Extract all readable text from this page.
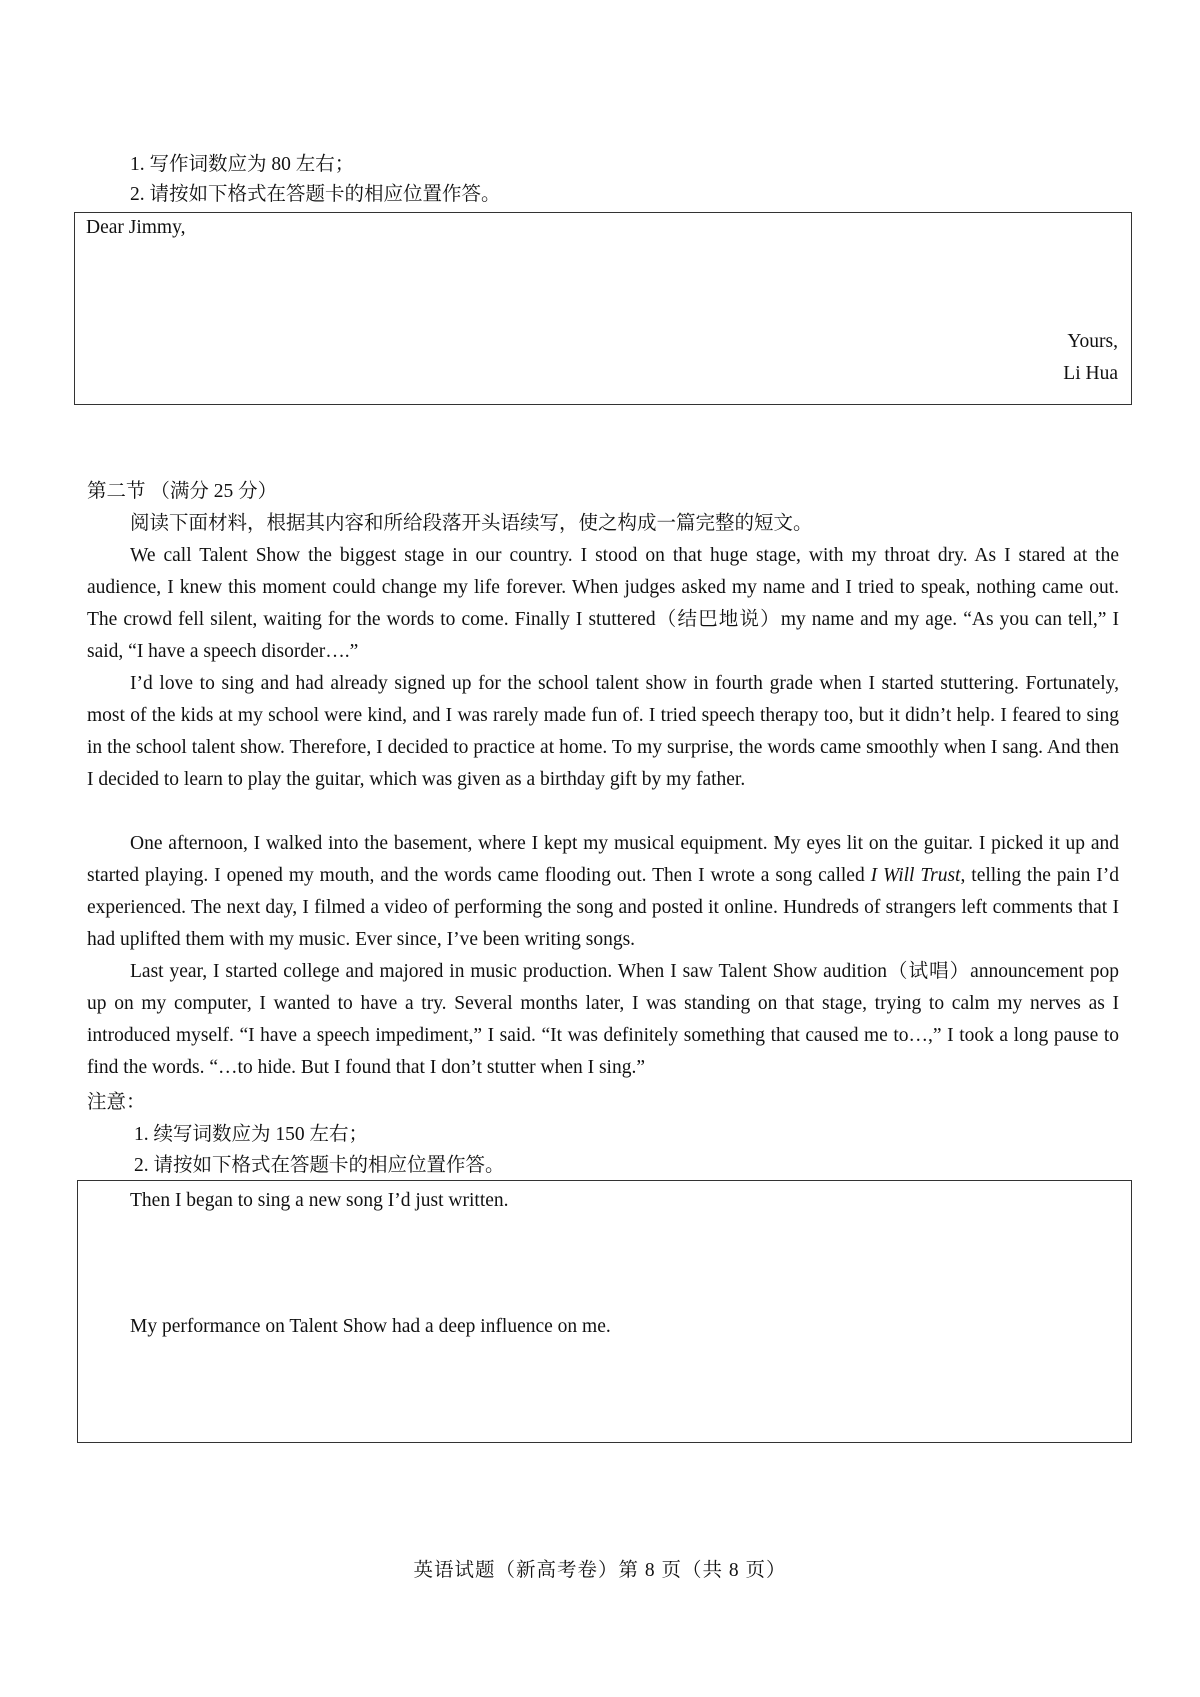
1. 写作词数应为 80 左右；
2. 请按如下格式在答题卡的相应位置作答。
Dear Jimmy,
Yours,
Li Hua
第二节 （满分 25 分）
阅读下面材料，根据其内容和所给段落开头语续写，使之构成一篇完整的短文。
We call Talent Show the biggest stage in our country. I stood on that huge stage, with my throat dry. As I stared at the audience, I knew this moment could change my life forever. When judges asked my name and I tried to speak, nothing came out. The crowd fell silent, waiting for the words to come. Finally I stuttered（结巴地说）my name and my age. “As you can tell,” I said, “I have a speech disorder….”
I’d love to sing and had already signed up for the school talent show in fourth grade when I started stuttering. Fortunately, most of the kids at my school were kind, and I was rarely made fun of. I tried speech therapy too, but it didn’t help. I feared to sing in the school talent show. Therefore, I decided to practice at home. To my surprise, the words came smoothly when I sang. And then I decided to learn to play the guitar, which was given as a birthday gift by my father.
One afternoon, I walked into the basement, where I kept my musical equipment. My eyes lit on the guitar. I picked it up and started playing. I opened my mouth, and the words came flooding out. Then I wrote a song called I Will Trust, telling the pain I’d experienced. The next day, I filmed a video of performing the song and posted it online. Hundreds of strangers left comments that I had uplifted them with my music. Ever since, I’ve been writing songs.
Last year, I started college and majored in music production. When I saw Talent Show audition（试唱）announcement pop up on my computer, I wanted to have a try. Several months later, I was standing on that stage, trying to calm my nerves as I introduced myself. “I have a speech impediment,” I said. “It was definitely something that caused me to…,” I took a long pause to find the words. “…to hide. But I found that I don’t stutter when I sing.”
注意：
1. 续写词数应为 150 左右；
2. 请按如下格式在答题卡的相应位置作答。
Then I began to sing a new song I’d just written.
My performance on Talent Show had a deep influence on me.
英语试题（新高考卷）第 8 页（共 8 页）
